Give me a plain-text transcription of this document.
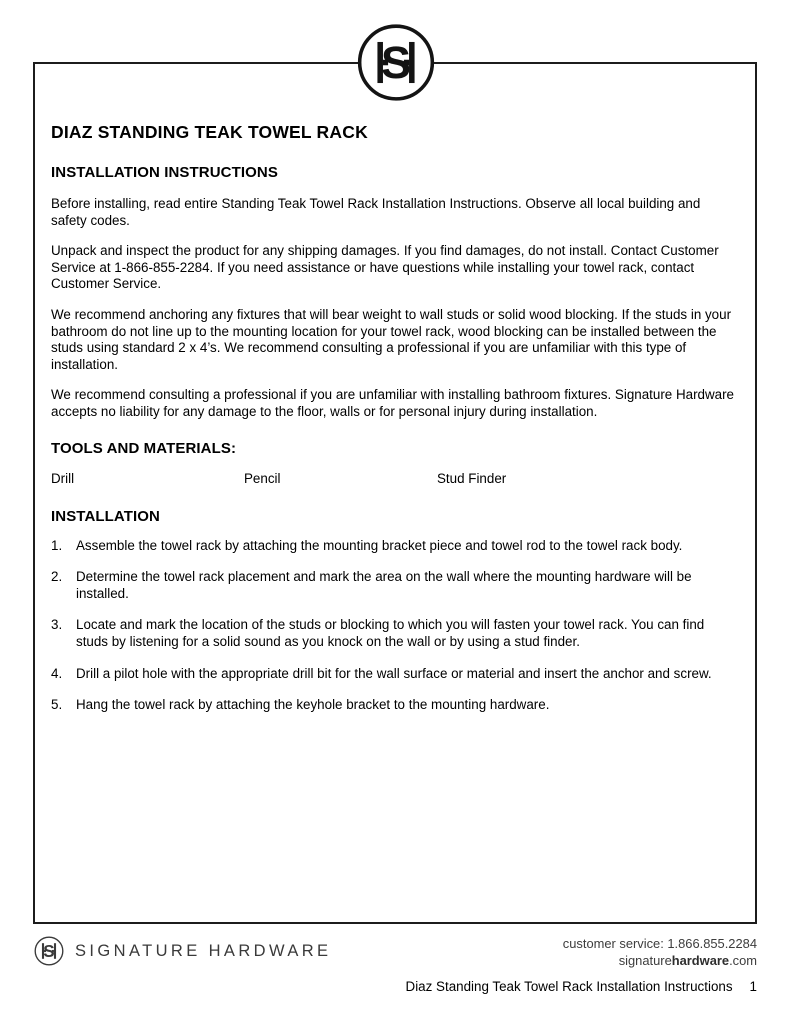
DIAZ STANDING TEAK TOWEL RACK
INSTALLATION INSTRUCTIONS

Before installing, read entire Standing Teak Towel Rack Installation Instructions. Observe all local building and safety codes.

Unpack and inspect the product for any shipping damages. If you find damages, do not install. Contact Customer Service at 1-866-855-2284. If you need assistance or have questions while installing your towel rack, contact Customer Service.

We recommend anchoring any fixtures that will bear weight to wall studs or solid wood blocking. If the studs in your bathroom do not line up to the mounting location for your towel rack, wood blocking can be installed between the studs using standard 2 x 4’s. We recommend consulting a professional if you are unfamiliar with this type of installation.

We recommend consulting a professional if you are unfamiliar with installing bathroom fixtures. Signature Hardware accepts no liability for any damage to the floor, walls or for personal injury during installation.

TOOLS AND MATERIALS:
Drill	Pencil	Stud Finder
INSTALLATION
1.	Assemble the towel rack by attaching the mounting bracket piece and towel rod to the towel rack body.
2.	Determine the towel rack placement and mark the area on the wall where the mounting hardware will be installed.
3.	Locate and mark the location of the studs or blocking to which you will fasten your towel rack. You can find studs by listening for a solid sound as you knock on the wall or by using a stud finder.
4.	Drill a pilot hole with the appropriate drill bit for the wall surface or material and insert the anchor and screw.
5.	Hang the towel rack by attaching the keyhole bracket to the mounting hardware.
S
S SIGNATURE HARDWARE	customer service: 1.866.855.2284
signaturehardware.com
Diaz Standing Teak Towel Rack Installation Instructions 1
